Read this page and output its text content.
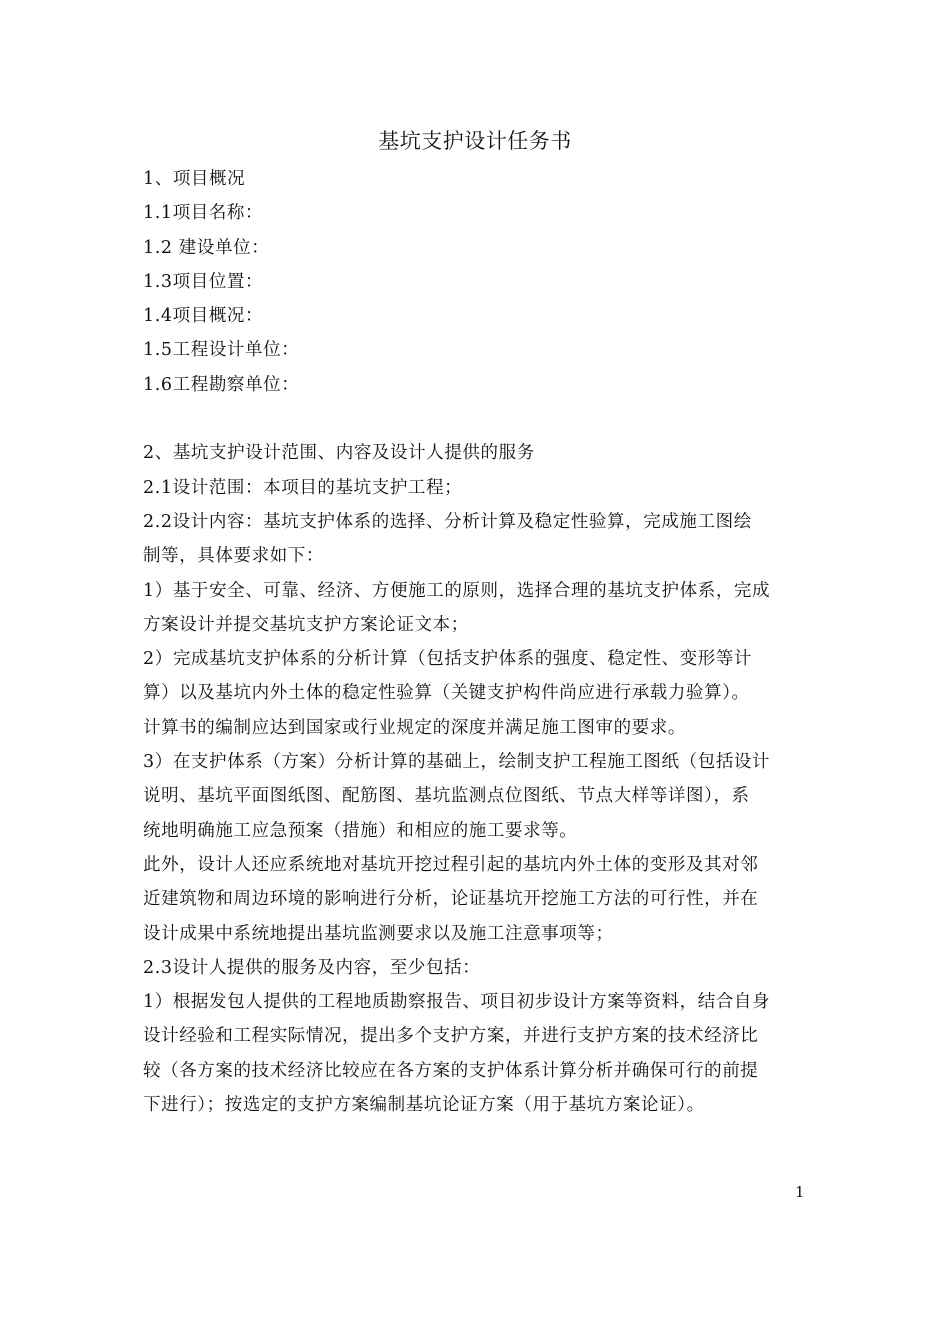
基坑支护设计任务书
1、项目概况
1.1项目名称：
1.2 建设单位：
1.3项目位置：
1.4项目概况：
1.5工程设计单位：
1.6工程勘察单位：
2、基坑支护设计范围、内容及设计人提供的服务
2.1设计范围：本项目的基坑支护工程；
2.2设计内容：基坑支护体系的选择、分析计算及稳定性验算，完成施工图绘
制等，具体要求如下：
1）基于安全、可靠、经济、方便施工的原则，选择合理的基坑支护体系，完成
方案设计并提交基坑支护方案论证文本；
2）完成基坑支护体系的分析计算（包括支护体系的强度、稳定性、变形等计
算）以及基坑内外土体的稳定性验算（关键支护构件尚应进行承载力验算）。
计算书的编制应达到国家或行业规定的深度并满足施工图审的要求。
3）在支护体系（方案）分析计算的基础上，绘制支护工程施工图纸（包括设计
说明、基坑平面图纸图、配筋图、基坑监测点位图纸、节点大样等详图），系
统地明确施工应急预案（措施）和相应的施工要求等。
此外，设计人还应系统地对基坑开挖过程引起的基坑内外土体的变形及其对邻
近建筑物和周边环境的影响进行分析，论证基坑开挖施工方法的可行性，并在
设计成果中系统地提出基坑监测要求以及施工注意事项等；
2.3设计人提供的服务及内容，至少包括：
1）根据发包人提供的工程地质勘察报告、项目初步设计方案等资料，结合自身
设计经验和工程实际情况，提出多个支护方案，并进行支护方案的技术经济比
较（各方案的技术经济比较应在各方案的支护体系计算分析并确保可行的前提
下进行）；按选定的支护方案编制基坑论证方案（用于基坑方案论证）。
1
